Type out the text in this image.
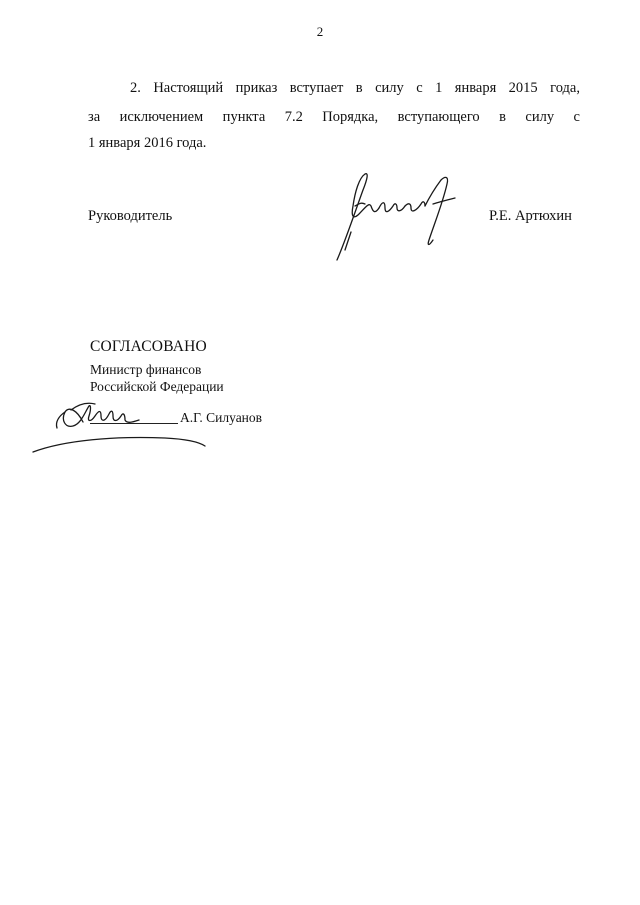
2
2. Настоящий приказ вступает в силу с 1 января 2015 года,
за исключением пункта 7.2 Порядка, вступающего в силу с
1 января 2016 года.
Руководитель	Р.Е. Артюхин
СОГЛАСОВАНО
Министр финансов
Российской Федерации
А.Г. Силуанов
